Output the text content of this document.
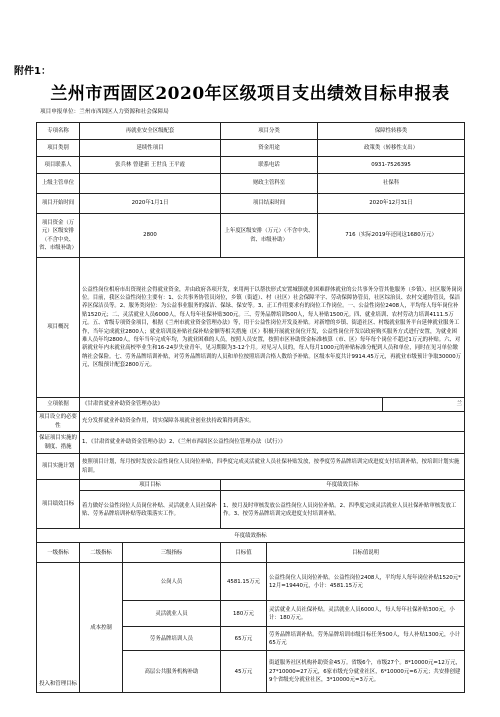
附件1：
兰州市西固区2020年区级项目支出绩效目标申报表
项目申报单位：兰州市西固区人力资源和社会保障局
专项名称	再就业安全区级配套		项目分类		保障性转移类	
项目类别	延续性项目		资金用途		政策类（转移性支出）	
项目联系人	张兵林 曾建新 王世良 王平霞		联系电话		0931-7526395	
上级主管单位			财政主管科室		社保科	
项目开始时间	2020年1月1日		项目结束时间		2020年12月31日	
项目资金（万元）区级安排（不含中央、省、市级补助）	2800		上年度区级安排（万元）（不含中央、省、市级补助）		716（实际2019年还同这1680万元）	
项目概况	公益性岗位相府市出资现社会得就业资金，并由政府各项开发，来用两于以帮扶形式安置城镇就业困难群体就业的公共事务分管其他服务（乡镇）、社区服务岗岗位。目前，我区公益性岗位主要有：1、公共事务协管员岗位，乡镇（街道）、村（社区）社会保障平字、劳动保障协管员，社区综治员、农村交通协管员，保洁养区保洁员等。2、服务类岗位：为公益事业服务的保洁、保绿、保安等。3、正工作用要求有的岗位工作岗位。一、公益性岗位2408人，平均每人每年岗位补贴1520元；二、灵活就业人员6000人，每人每年社保补贴300元。三、劳务品牌培训500人，每人补贴1500元。四、就业培训、农村劳动力培训4111.5万元。五、省级专项资金项目，根据《兰州市就业资金管理办法》等，用于公益性岗位开发及补贴。对新增的乡镇、街道社区、村级就业服务平台延伸就业服务工作，当年完成就业2800人；就业培训及补贴社保补贴金额等相关措施（区）积极开展就业岗位开发，公益性岗位开发以政府购买服务方式进行安置，为就业困难人员年均2800人，每年当年完成年均，为就业困难的人员，按照人员安置，按照市区补助资金标准核算（市、区）每年每个岗位不超过1万元的补贴。六、对新就业年内未就业高校毕业生和16-24岁失业青年，见习期限为3-12个月。对见习人员的，每人每月1000元的补贴标准分配到人员和单位，同时在见习单位缴纳社会保险。七、劳务品牌培训补贴，对劳务品牌培训的人员和单位按照培训合格人数给予补贴。区级本年度共计9914.45万元，再就业市级预计争取30000万元，区级预计配套2800万元。					
立项依据	《甘肃省就业补助资金管理办法》					兰
项目设立的必要性	充分发挥就业补助资金作用，切实保障各项就业创业扶持政策得到落实。					
保证项目实施的制度、措施	1、《甘肃省就业补助资金管理办法》2、《兰州市西固区公益性岗位管理办法（试行）》					
项目实施计划	按照项目计划，每月按时发放公益性岗位人员岗位补贴，四季度完成灵活就业人员社保补贴发放，按季度劳务品牌培训完成进度支付培训补贴，按培训计划实施培训。					
项目绩效目标	项目目标		年度绩效目标			
	着力做好公益性岗位人员岗位补贴、灵活就业人员社保补贴、劳务品牌培训补贴等政策落实工作。		1、按月及时审核发放公益性岗位人员岗位补贴。2、四季度完成灵活就业人员社保补贴审核发放工作。3、按劳务品牌培训完成进度支付培训补贴。			
年度绩效指标						
一级指标	二级指标	三级指标	目标值	目标值说明		
投入和管理目标	成本控制	公岗人员	4581.15万元	公益性岗位人员岗位补贴。公益性岗位2408人，平均每人每年岗位补贴1520元*12月=19440元，小计：4581.15万元		
		灵活就业人员	180万元	灵活就业人员社保补贴。灵活就业人员6000人，每人每年社保补贴300元，小计：180万元。		
		劳务品牌培训人员	65万元	劳务品牌培训补贴。劳务品牌培训市级目标任务500人，每人补贴1300元，小计65万元		
		高层公共服务机构补助	45万元	街道服务社区机构补助资金45万。省级6个，市级27个。8*10000元=12万元，27*10000=27万元，6家市级充分就业社区，6*10000元=6万元；共安排创建9个省级充分就业社区，3*10000元=3万元。		
